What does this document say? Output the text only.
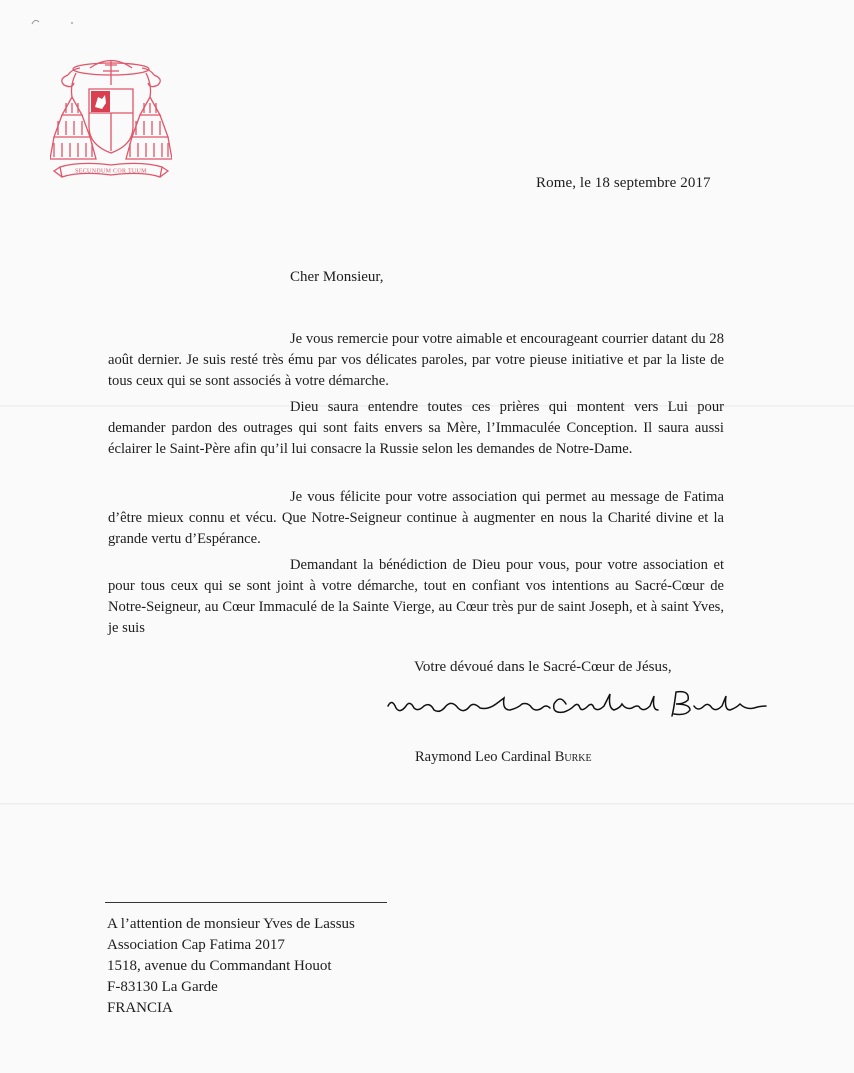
SECUNDUM COR TUUM
Rome, le 18 septembre 2017
Cher Monsieur,

Je vous remercie pour votre aimable et encourageant courrier datant du 28 août dernier. Je suis resté très ému par vos délicates paroles, par votre pieuse initiative et par la liste de tous ceux qui se sont associés à votre démarche.

Dieu saura entendre toutes ces prières qui montent vers Lui pour demander pardon des outrages qui sont faits envers sa Mère, l’Immaculée Conception. Il saura aussi éclairer le Saint-Père afin qu’il lui consacre la Russie selon les demandes de Notre-Dame.

Je vous félicite pour votre association qui permet au message de Fatima d’être mieux connu et vécu. Que Notre-Seigneur continue à augmenter en nous la Charité divine et la grande vertu d’Espérance.

Demandant la bénédiction de Dieu pour vous, pour votre association et pour tous ceux qui se sont joint à votre démarche, tout en confiant vos intentions au Sacré-Cœur de Notre-Seigneur, au Cœur Immaculé de la Sainte Vierge, au Cœur très pur de saint Joseph, et à saint Yves, je suis

Votre dévoué dans le Sacré-Cœur de Jésus,
Raymond Leo Cardinal Burke
A l’attention de monsieur Yves de Lassus
Association Cap Fatima 2017
1518, avenue du Commandant Houot
F-83130 La Garde
FRANCIA
